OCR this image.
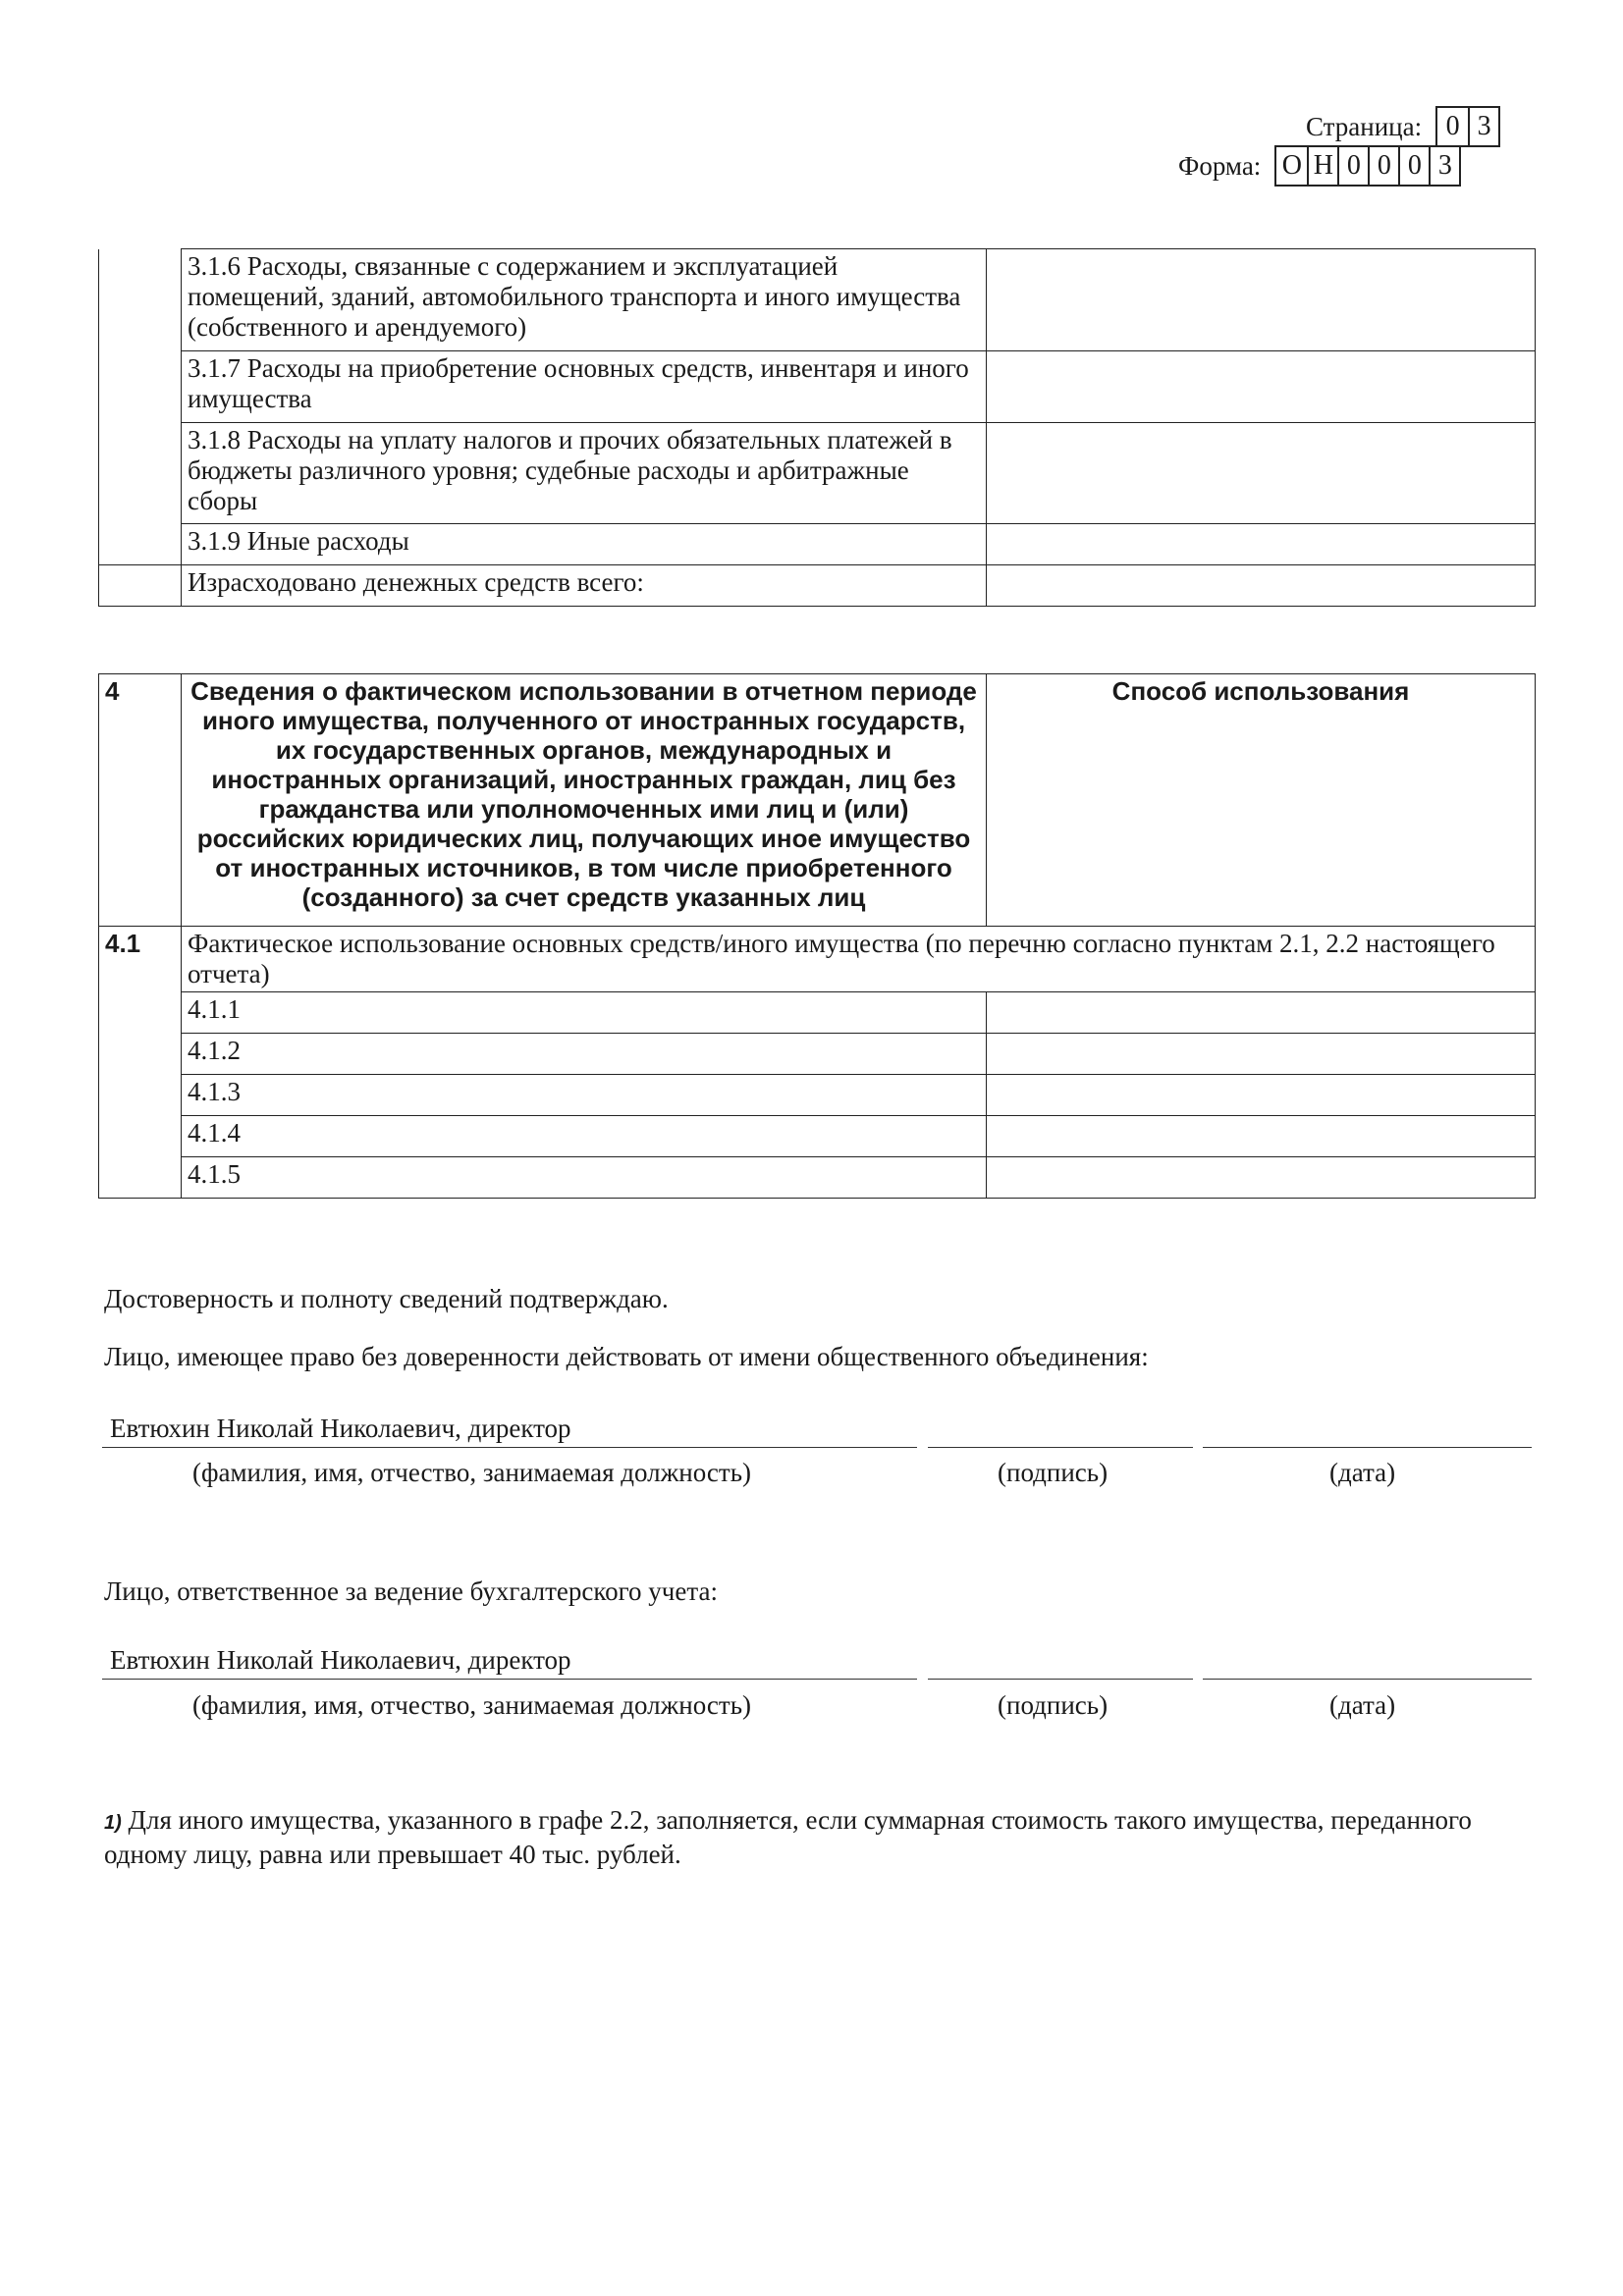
Страница: 0 3
Форма: О Н 0 0 0 3
	3.1.6 Расходы, связанные с содержанием и эксплуатацией помещений, зданий, автомобильного транспорта и иного имущества (собственного и арендуемого)	
	3.1.7 Расходы на приобретение основных средств, инвентаря и иного имущества	
	3.1.8 Расходы на уплату налогов и прочих обязательных платежей в бюджеты различного уровня; судебные расходы и арбитражные сборы	
	3.1.9 Иные расходы	
	Израсходовано денежных средств всего:	
4	Сведения о фактическом использовании в отчетном периоде иного имущества, полученного от иностранных государств, их государственных органов, международных и иностранных организаций, иностранных граждан, лиц без гражданства или уполномоченных ими лиц и (или) российских юридических лиц, получающих иное имущество от иностранных источников, в том числе приобретенного (созданного) за счет средств указанных лиц	Способ использования
4.1	Фактическое использование основных средств/иного имущества (по перечню согласно пунктам 2.1, 2.2 настоящего отчета)	
	4.1.1	
	4.1.2	
	4.1.3	
	4.1.4	
	4.1.5	
Достоверность и полноту сведений подтверждаю.
Лицо, имеющее право без доверенности действовать от имени общественного объединения:
Евтюхин Николай Николаевич, директор
(фамилия, имя, отчество, занимаемая должность)	(подпись)	(дата)
Лицо, ответственное за ведение бухгалтерского учета:
Евтюхин Николай Николаевич, директор
(фамилия, имя, отчество, занимаемая должность)	(подпись)	(дата)
1) Для иного имущества, указанного в графе 2.2, заполняется, если суммарная стоимость такого имущества, переданного одному лицу, равна или превышает 40 тыс. рублей.
